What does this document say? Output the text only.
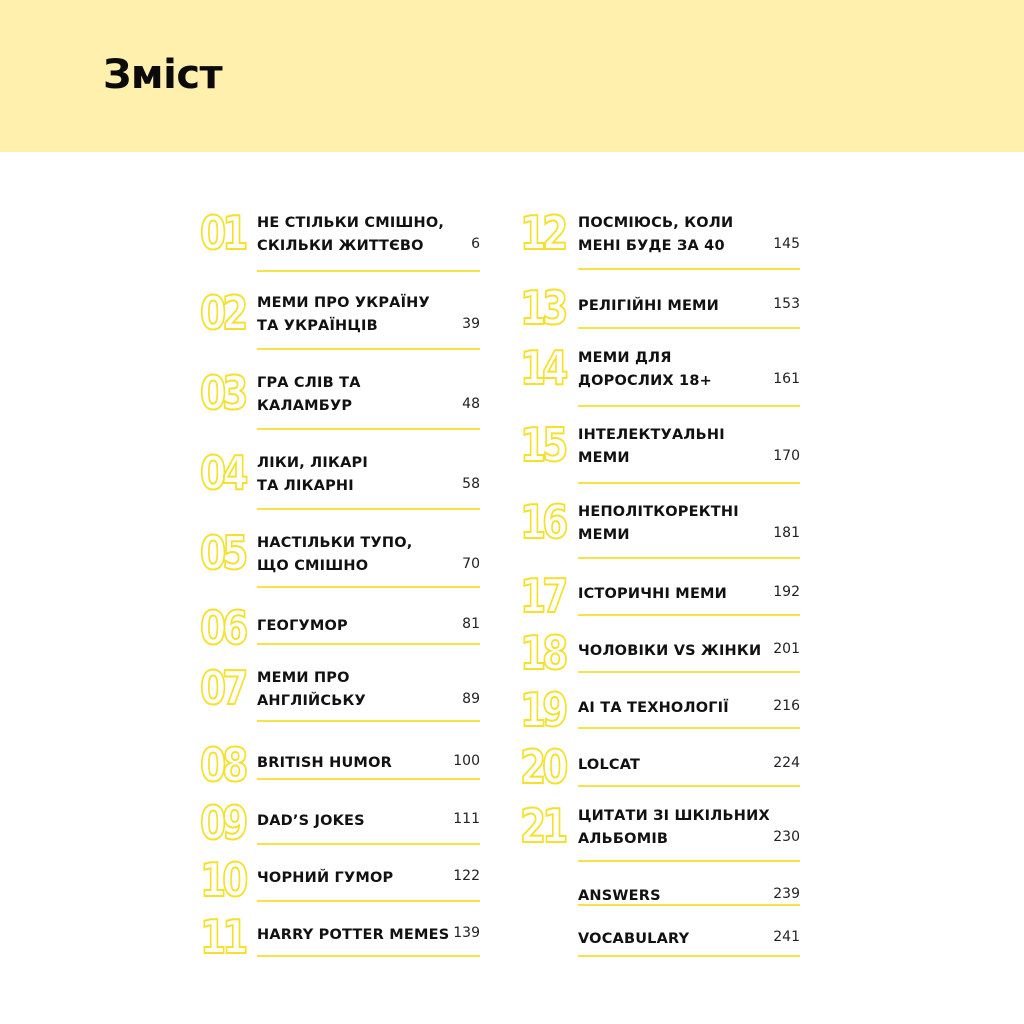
Зміст
01 НЕ СТІЛЬКИ СМІШНО,
СКІЛЬКИ ЖИТТЄВО	6
02 МЕМИ ПРО УКРАЇНУ
ТА УКРАЇНЦІВ	39
03 ГРА СЛІВ ТА
КАЛАМБУР	48
04 ЛІКИ, ЛІКАРІ
ТА ЛІКАРНІ	58
05 НАСТІЛЬКИ ТУПО,
ЩО СМІШНО	70
06 ГЕОГУМОР	81
07 МЕМИ ПРО
АНГЛІЙСЬКУ	89
08 BRITISH HUMOR	100
09 DAD’S JOKES	111
10 ЧОРНИЙ ГУМОР	122
11 HARRY POTTER MEMES 139
12 ПОСМІЮСЬ, КОЛИ
МЕНІ БУДЕ ЗА 40	145
13 РЕЛІГІЙНІ МЕМИ	153
14 МЕМИ ДЛЯ
ДОРОСЛИХ 18+	161
15 ІНТЕЛЕКТУАЛЬНІ
МЕМИ	170
16 НЕПОЛІТКОРЕКТНІ
МЕМИ	181
17 ІСТОРИЧНІ МЕМИ	192
18 ЧОЛОВІКИ VS ЖІНКИ 201
19 АІ ТА ТЕХНОЛОГІЇ	216
20 LOLCAT	224
21 ЦИТАТИ ЗІ ШКІЛЬНИХ
АЛЬБОМІВ	230
ANSWERS	239
VOCABULARY	241
